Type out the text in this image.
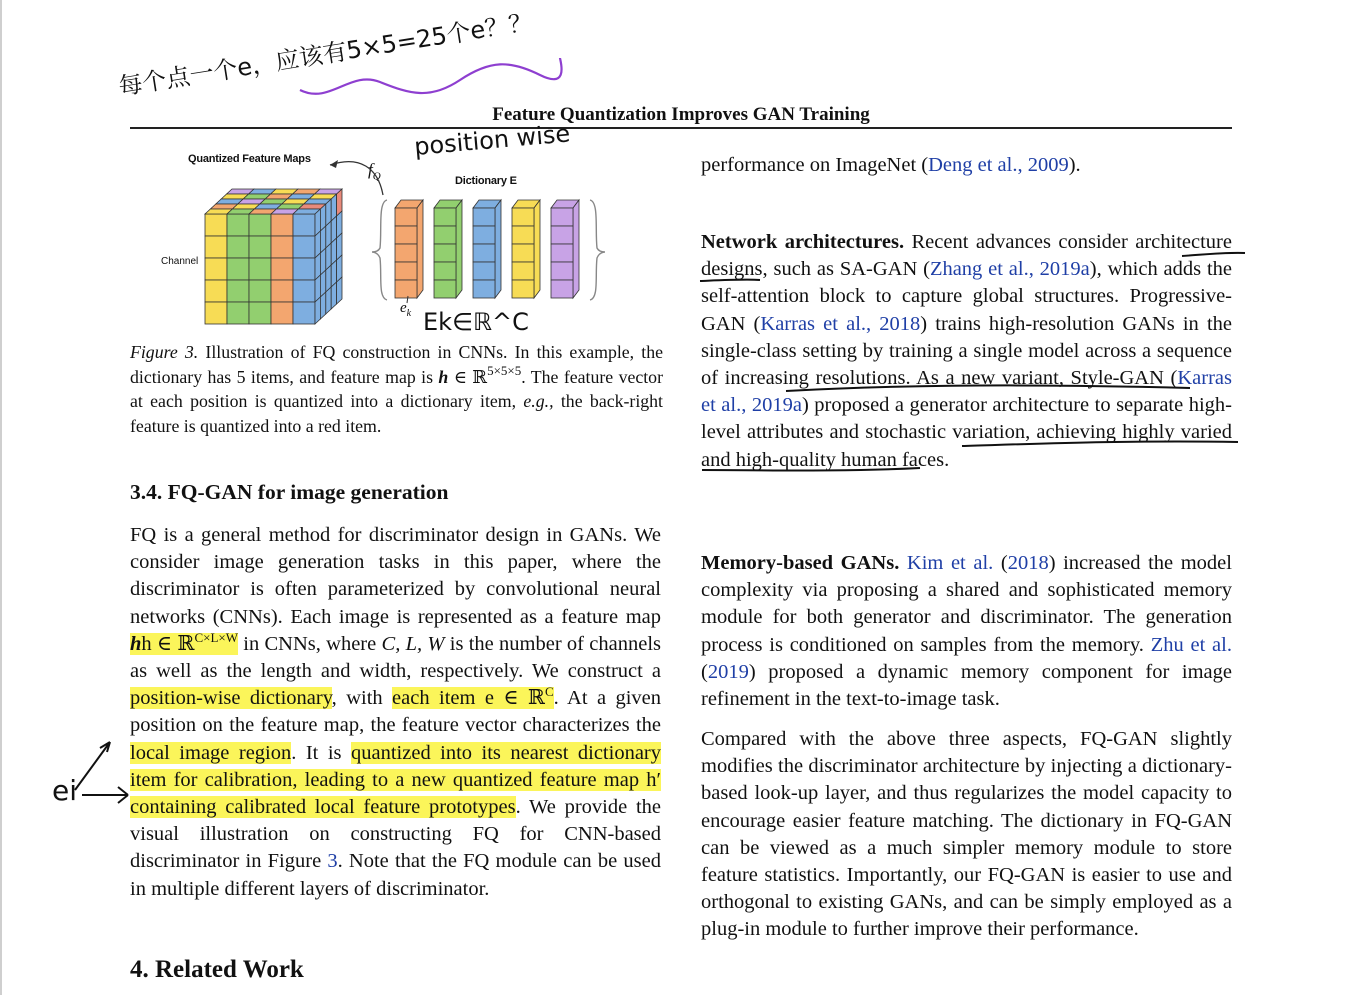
Feature Quantization Improves GAN Training
Quantized Feature Maps
Dictionary E
Channel
$f_Q$
$e_k$
Figure 3. Illustration of FQ construction in CNNs. In this example, the dictionary has 5 items, and feature map is h ∈ ℝ$^{5\times 5\times 5}$. The feature vector at each position is quantized into a dictionary item, e.g., the back-right feature is quantized into a red item.
3.4. FQ-GAN for image generation

FQ is a general method for discriminator design in GANs. We consider image generation tasks in this paper, where the discriminator is often parameterized by convolutional neural networks (CNNs). Each image is represented as a feature map hh ∈ ℝ$^{C\times L\times W}$ in CNNs, where C, L, W is the number of channels as well as the length and width, respectively. We construct a position-wise dictionary, with each item e ∈ ℝ$^C$. At a given position on the feature map, the feature vector characterizes the local image region. It is quantized into its nearest dictionary item for calibration, leading to a new quantized feature map h′ containing calibrated local feature prototypes. We provide the visual illustration on constructing FQ for CNN-based discriminator in Figure 3. Note that the FQ module can be used in multiple different layers of discriminator.

4. Related Work

performance on ImageNet (Deng et al., 2009).

Network architectures. Recent advances consider architecture designs, such as SA-GAN (Zhang et al., 2019a), which adds the self-attention block to capture global structures. Progressive-GAN (Karras et al., 2018) trains high-resolution GANs in the single-class setting by training a single model across a sequence of increasing resolutions. As a new variant, Style-GAN (Karras et al., 2019a) proposed a generator architecture to separate high-level attributes and stochastic variation, achieving highly varied and high-quality human faces.

Memory-based GANs. Kim et al. (2018) increased the model complexity via proposing a shared and sophisticated memory module for both generator and discriminator. The generation process is conditioned on samples from the memory. Zhu et al. (2019) proposed a dynamic memory component for image refinement in the text-to-image task.

Compared with the above three aspects, FQ-GAN slightly modifies the discriminator architecture by injecting a dictionary-based look-up layer, and thus regularizes the model capacity to encourage easier feature matching. The dictionary in FQ-GAN can be viewed as a much simpler memory module to store feature statistics. Importantly, our FQ-GAN is easier to use and orthogonal to existing GANs, and can be simply employed as a plug-in module to further improve their performance.

每个点一个e，应该有5×5=25个e？？
position wise
Ek∈ℝ^C
ei
